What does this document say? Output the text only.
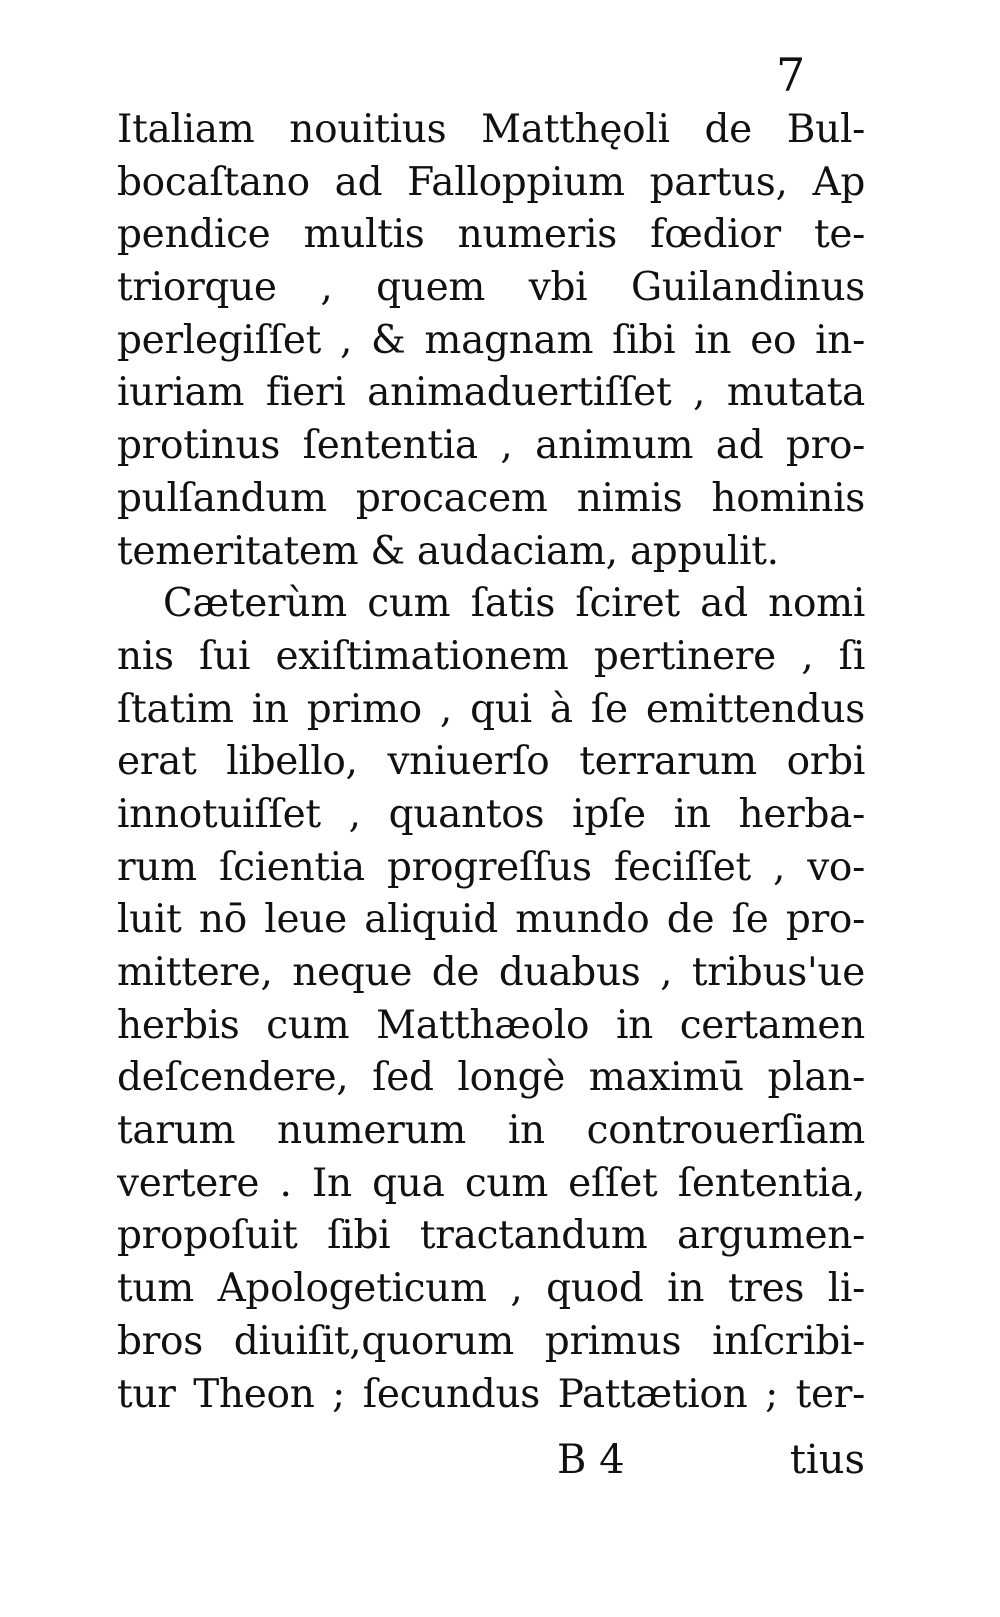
7
Italiam nouitius Matthęoli de Bul-
bocaſtano ad Falloppium partus, Ap
pendice multis numeris fœdior te-
triorque , quem vbi Guilandinus
perlegiſſet , & magnam ſibi in eo in-
iuriam fieri animaduertiſſet , mutata
protinus ſententia , animum ad pro-
pulſandum procacem nimis hominis
temeritatem & audaciam, appulit.
Cæterùm cum ſatis ſciret ad nomi
nis ſui exiſtimationem pertinere , ſi
ſtatim in primo , qui à ſe emittendus
erat libello, vniuerſo terrarum orbi
innotuiſſet , quantos ipſe in herba-
rum ſcientia progreſſus feciſſet , vo-
luit nō leue aliquid mundo de ſe pro-
mittere, neque de duabus , tribus'ue
herbis cum Matthæolo in certamen
deſcendere, ſed longè maximū plan-
tarum numerum in controuerſiam
vertere . In qua cum eſſet ſententia,
propoſuit ſibi tractandum argumen-
tum Apologeticum , quod in tres li-
bros diuiſit,quorum primus inſcribi-
tur Theon ; ſecundus Pattætion ; ter-
B 4	tius
